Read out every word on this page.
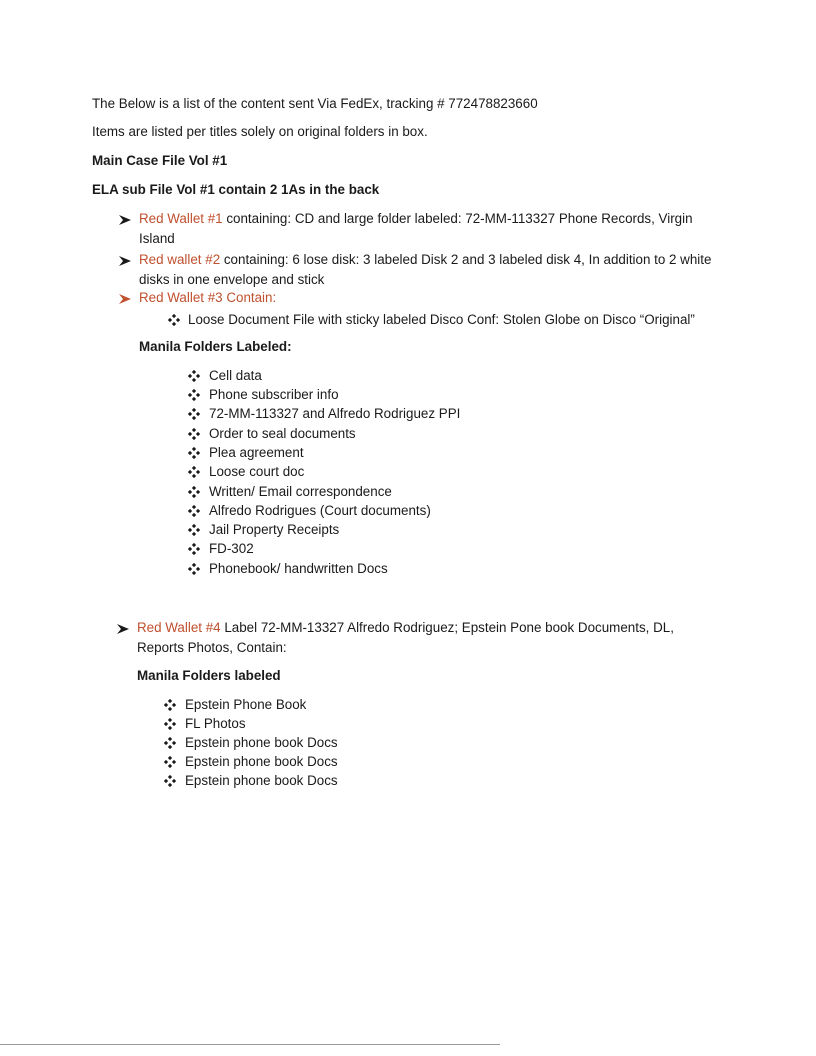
The Below is a list of the content sent Via FedEx, tracking # 772478823660
Items are listed per titles solely on original folders in box.
Main Case File Vol #1
ELA sub File Vol #1 contain 2 1As in the back
Red Wallet #1 containing: CD and large folder labeled: 72-MM-113327 Phone Records, Virgin
Island
Red wallet #2 containing: 6 lose disk: 3 labeled Disk 2 and 3 labeled disk 4, In addition to 2 white
disks in one envelope and stick
Red Wallet #3 Contain:
Loose Document File with sticky labeled Disco Conf: Stolen Globe on Disco “Original”
Manila Folders Labeled:
Cell data
Phone subscriber info
72-MM-113327 and Alfredo Rodriguez PPI
Order to seal documents
Plea agreement
Loose court doc
Written/ Email correspondence
Alfredo Rodrigues (Court documents)
Jail Property Receipts
FD-302
Phonebook/ handwritten Docs
Red Wallet #4 Label 72-MM-13327 Alfredo Rodriguez; Epstein Pone book Documents, DL,
Reports Photos, Contain:
Manila Folders labeled
Epstein Phone Book
FL Photos
Epstein phone book Docs
Epstein phone book Docs
Epstein phone book Docs
